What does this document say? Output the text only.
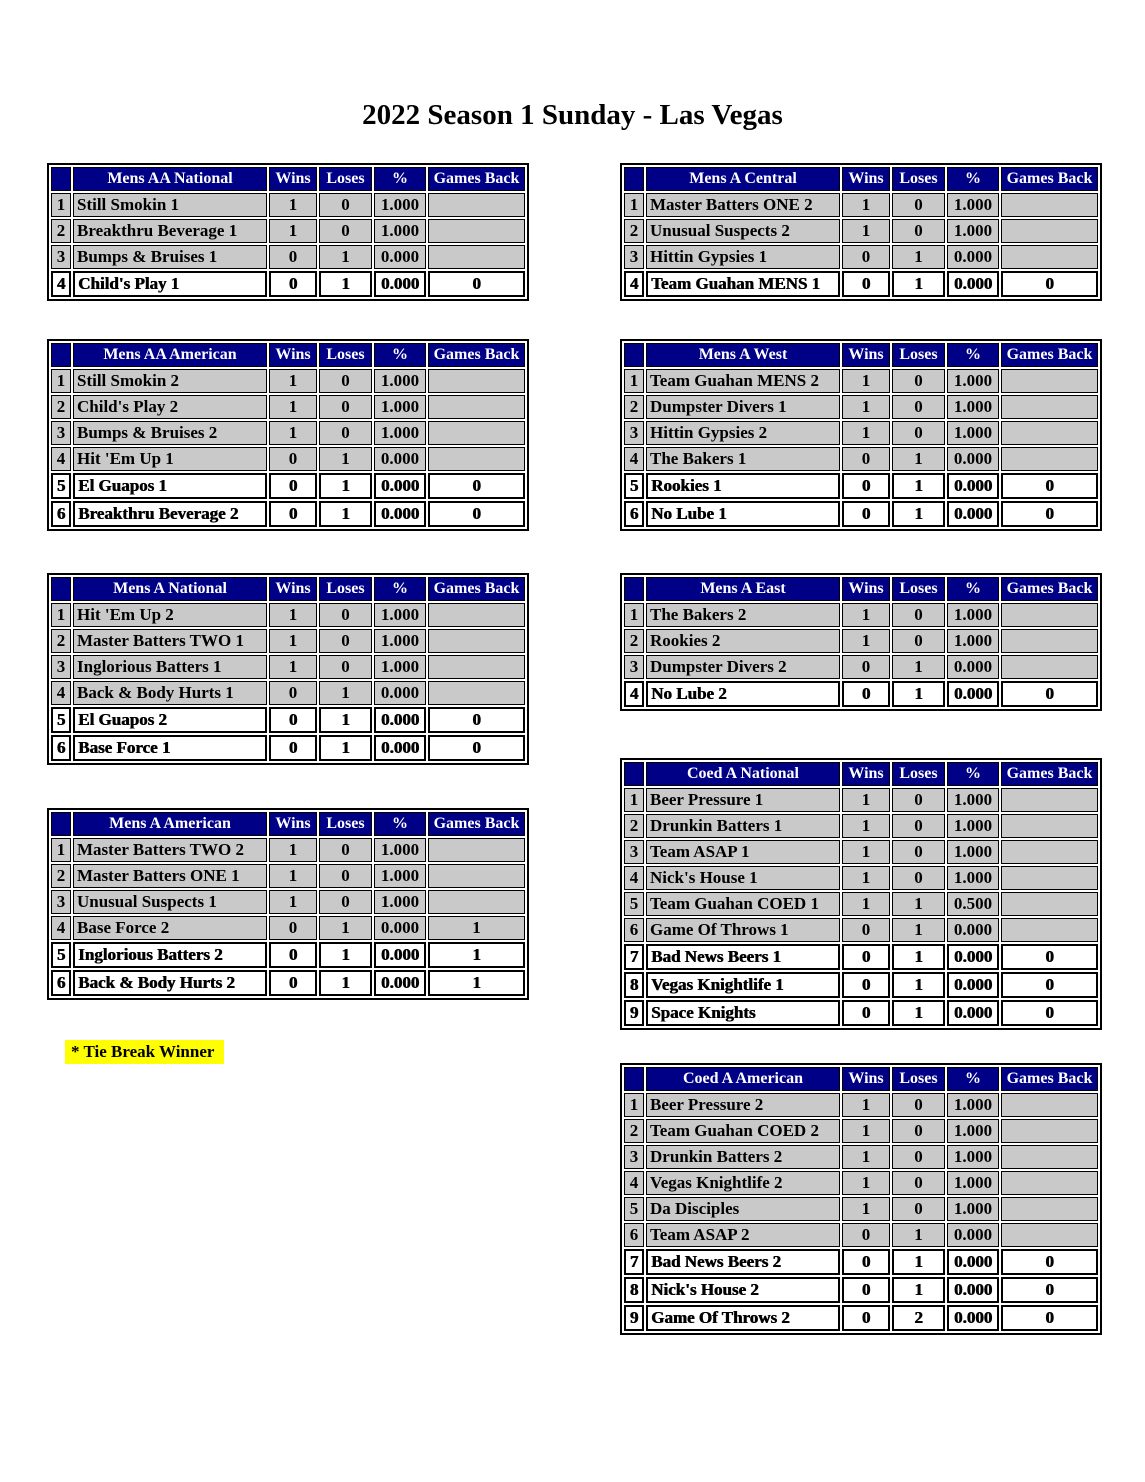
2022 Season 1 Sunday - Las Vegas
	Mens AA National	Wins	Loses	%	Games Back
1	Still Smokin 1	1	0	1.000	
2	Breakthru Beverage 1	1	0	1.000	
3	Bumps & Bruises 1	0	1	0.000	
4	Child's Play 1	0	1	0.000	0
	Mens AA American	Wins	Loses	%	Games Back
1	Still Smokin 2	1	0	1.000	
2	Child's Play 2	1	0	1.000	
3	Bumps & Bruises 2	1	0	1.000	
4	Hit 'Em Up 1	0	1	0.000	
5	El Guapos 1	0	1	0.000	0
6	Breakthru Beverage 2	0	1	0.000	0
	Mens A National	Wins	Loses	%	Games Back
1	Hit 'Em Up 2	1	0	1.000	
2	Master Batters TWO 1	1	0	1.000	
3	Inglorious Batters 1	1	0	1.000	
4	Back & Body Hurts 1	0	1	0.000	
5	El Guapos 2	0	1	0.000	0
6	Base Force 1	0	1	0.000	0
	Mens A American	Wins	Loses	%	Games Back
1	Master Batters TWO 2	1	0	1.000	
2	Master Batters ONE 1	1	0	1.000	
3	Unusual Suspects 1	1	0	1.000	
4	Base Force 2	0	1	0.000	1
5	Inglorious Batters 2	0	1	0.000	1
6	Back & Body Hurts 2	0	1	0.000	1
	Mens A Central	Wins	Loses	%	Games Back
1	Master Batters ONE 2	1	0	1.000	
2	Unusual Suspects 2	1	0	1.000	
3	Hittin Gypsies 1	0	1	0.000	
4	Team Guahan MENS 1	0	1	0.000	0
	Mens A West	Wins	Loses	%	Games Back
1	Team Guahan MENS 2	1	0	1.000	
2	Dumpster Divers 1	1	0	1.000	
3	Hittin Gypsies 2	1	0	1.000	
4	The Bakers 1	0	1	0.000	
5	Rookies 1	0	1	0.000	0
6	No Lube 1	0	1	0.000	0
	Mens A East	Wins	Loses	%	Games Back
1	The Bakers 2	1	0	1.000	
2	Rookies 2	1	0	1.000	
3	Dumpster Divers 2	0	1	0.000	
4	No Lube 2	0	1	0.000	0
	Coed A National	Wins	Loses	%	Games Back
1	Beer Pressure 1	1	0	1.000	
2	Drunkin Batters 1	1	0	1.000	
3	Team ASAP 1	1	0	1.000	
4	Nick's House 1	1	0	1.000	
5	Team Guahan COED 1	1	1	0.500	
6	Game Of Throws 1	0	1	0.000	
7	Bad News Beers 1	0	1	0.000	0
8	Vegas Knightlife 1	0	1	0.000	0
9	Space Knights	0	1	0.000	0
	Coed A American	Wins	Loses	%	Games Back
1	Beer Pressure 2	1	0	1.000	
2	Team Guahan COED 2	1	0	1.000	
3	Drunkin Batters 2	1	0	1.000	
4	Vegas Knightlife 2	1	0	1.000	
5	Da Disciples	1	0	1.000	
6	Team ASAP 2	0	1	0.000	
7	Bad News Beers 2	0	1	0.000	0
8	Nick's House 2	0	1	0.000	0
9	Game Of Throws 2	0	2	0.000	0
* Tie Break Winner
